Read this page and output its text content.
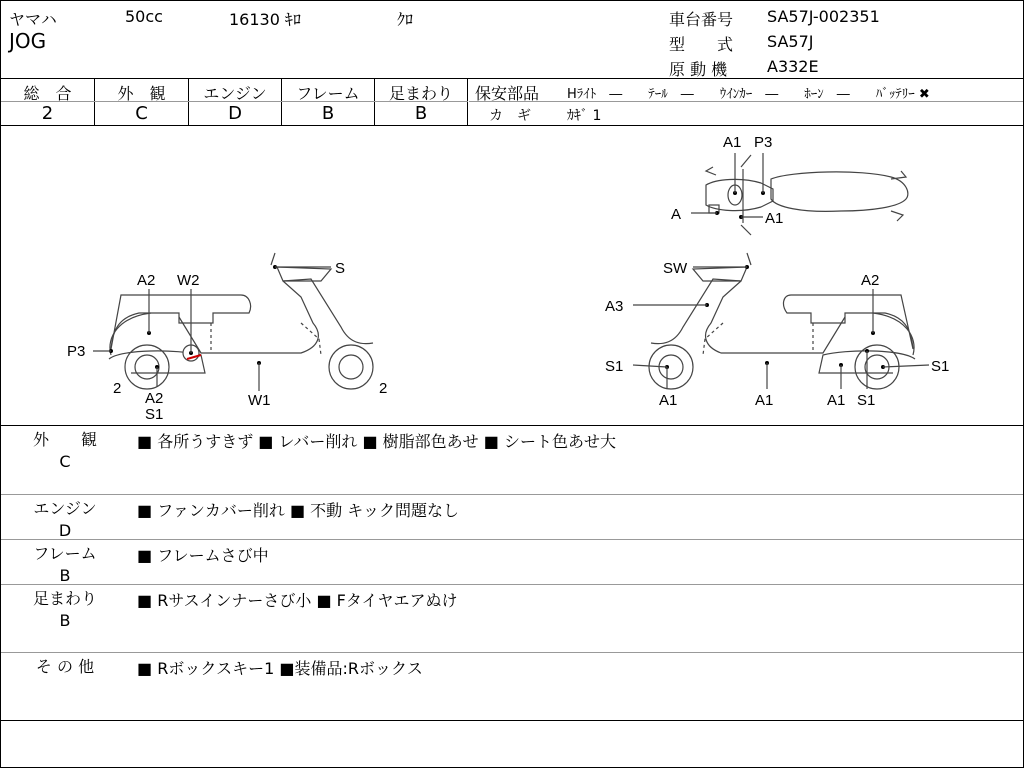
ヤマハ	50cc	16130 ｷﾛ	ｸﾛ
JOG
車台番号 SA57J-002351
型　　式 SA57J
原 動 機 A332E
総　合
2
外　観
C
エンジン
D
フレーム
B
足まわり
B
保安部品 Hﾗｲﾄ　―　　ﾃｰﾙ　―　　ｳｲﾝｶｰ　―　　ﾎｰﾝ　―　　ﾊﾞｯﾃﾘｰ ✖
カ　ギ	ｶｷﾞ 1
A1 P3
A	A1
A2 W2
S
P3
2
A2
S1
W1
2
SW
A2
A3
S1	S1
A1	A1	A1 S1
外　　観
C
■ 各所うすきず ■ レバー削れ ■ 樹脂部色あせ ■ シート色あせ大
エンジン
D
■ ファンカバー削れ ■ 不動 キック問題なし
フレーム
B
■ フレームさび中
足まわり
B
■ Rサスインナーさび小 ■ Fタイヤエアぬけ
そ の 他	■ Rボックスキー1 ■装備品:Rボックス
